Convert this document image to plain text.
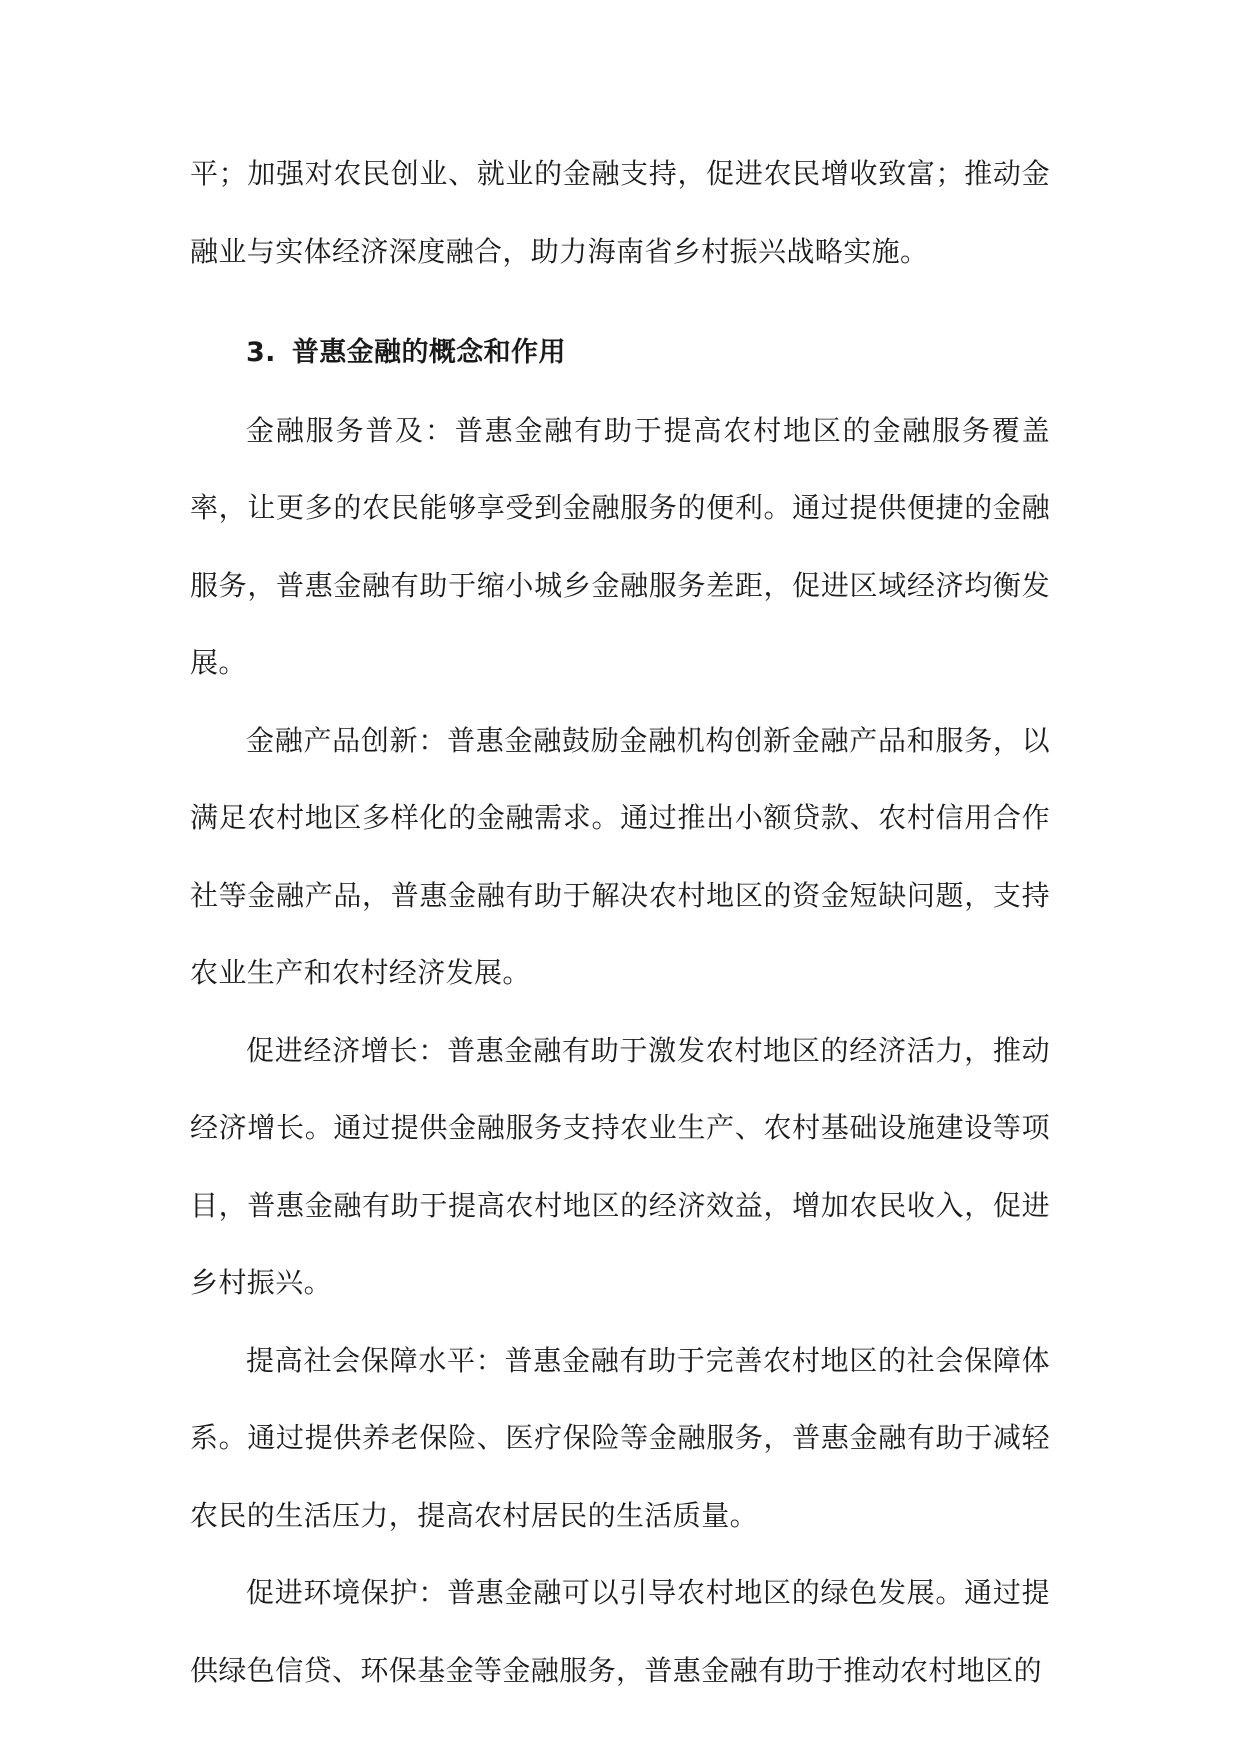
平；加强对农民创业、就业的金融支持，促进农民增收致富；推动金融业与实体经济深度融合，助力海南省乡村振兴战略实施。

3. 普惠金融的概念和作用

金融服务普及：普惠金融有助于提高农村地区的金融服务覆盖率，让更多的农民能够享受到金融服务的便利。通过提供便捷的金融服务，普惠金融有助于缩小城乡金融服务差距，促进区域经济均衡发展。

金融产品创新：普惠金融鼓励金融机构创新金融产品和服务，以满足农村地区多样化的金融需求。通过推出小额贷款、农村信用合作社等金融产品，普惠金融有助于解决农村地区的资金短缺问题，支持农业生产和农村经济发展。

促进经济增长：普惠金融有助于激发农村地区的经济活力，推动经济增长。通过提供金融服务支持农业生产、农村基础设施建设等项目，普惠金融有助于提高农村地区的经济效益，增加农民收入，促进乡村振兴。

提高社会保障水平：普惠金融有助于完善农村地区的社会保障体系。通过提供养老保险、医疗保险等金融服务，普惠金融有助于减轻农民的生活压力，提高农村居民的生活质量。

促进环境保护：普惠金融可以引导农村地区的绿色发展。通过提供绿色信贷、环保基金等金融服务，普惠金融有助于推动农村地区的
